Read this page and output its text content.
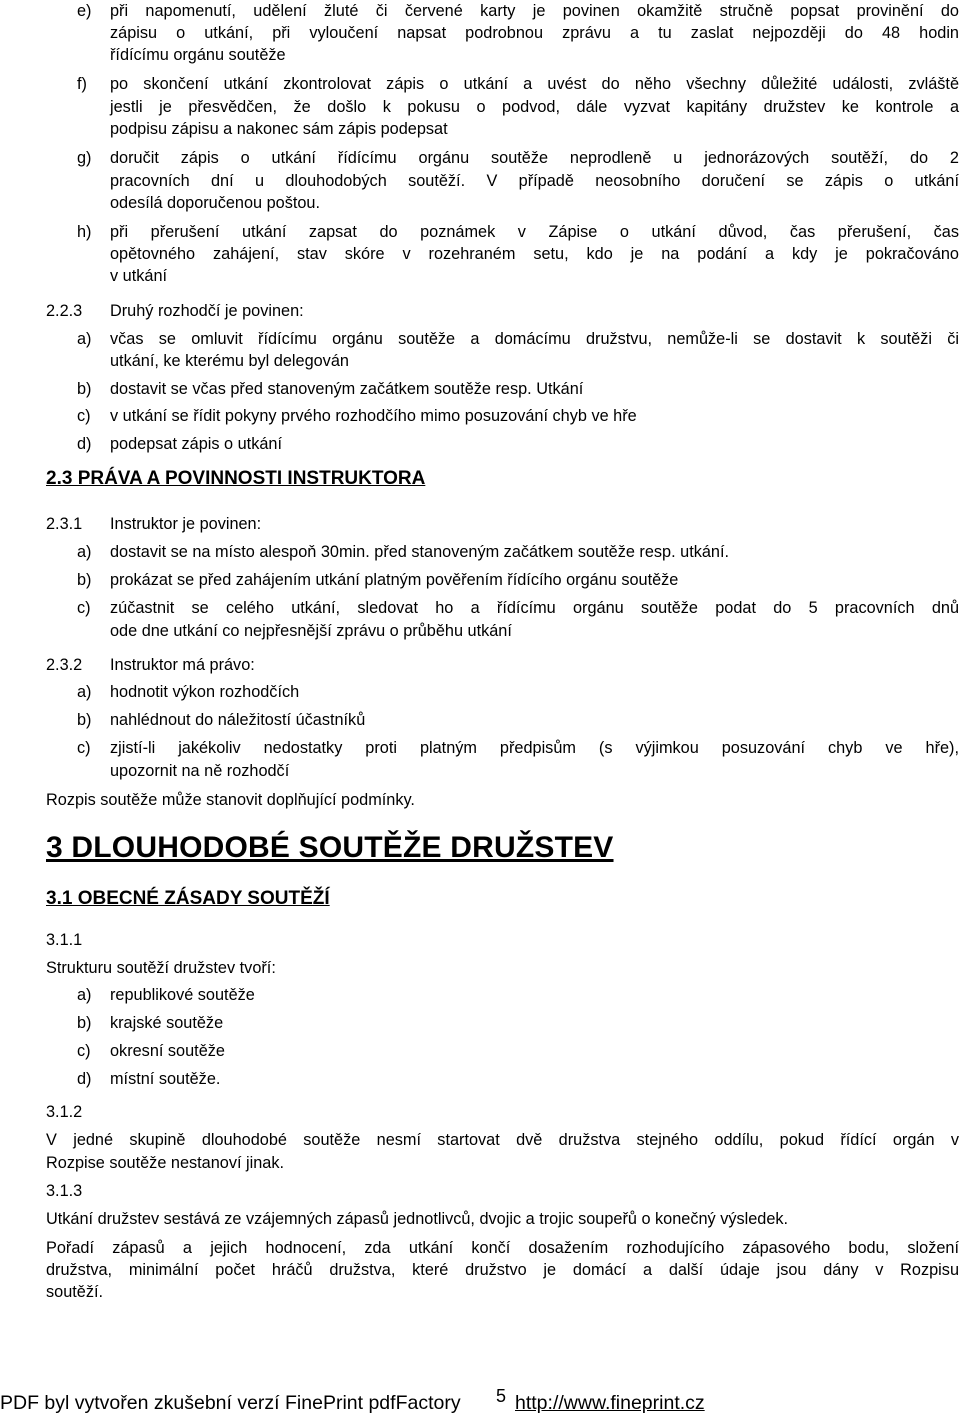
e) při napomenutí, udělení žluté či červené karty je povinen okamžitě stručně popsat provinění do
zápisu o utkání, při vyloučení napsat podrobnou zprávu a tu zaslat nejpozději do 48 hodin
řídícímu orgánu soutěže
f) po skončení utkání zkontrolovat zápis o utkání a uvést do něho všechny důležité události, zvláště
jestli je přesvědčen, že došlo k pokusu o podvod, dále vyzvat kapitány družstev ke kontrole a
podpisu zápisu a nakonec sám zápis podepsat
g) doručit zápis o utkání řídícímu orgánu soutěže neprodleně u jednorázových soutěží, do 2
pracovních dní u dlouhodobých soutěží. V případě neosobního doručení se zápis o utkání
odesílá doporučenou poštou.
h) při přerušení utkání zapsat do poznámek v Zápise o utkání důvod, čas přerušení, čas
opětovného zahájení, stav skóre v rozehraném setu, kdo je na podání a kdy je pokračováno
v utkání
2.2.3 Druhý rozhodčí je povinen:
a) včas se omluvit řídícímu orgánu soutěže a domácímu družstvu, nemůže-li se dostavit k soutěži či
utkání, ke kterému byl delegován
b) dostavit se včas před stanoveným začátkem soutěže resp. Utkání
c) v utkání se řídit pokyny prvého rozhodčího mimo posuzování chyb ve hře
d) podepsat zápis o utkání
2.3 PRÁVA A POVINNOSTI INSTRUKTORA
2.3.1 Instruktor je povinen:
a) dostavit se na místo alespoň 30min. před stanoveným začátkem soutěže resp. utkání.
b) prokázat se před zahájením utkání platným pověřením řídícího orgánu soutěže
c) zúčastnit se celého utkání, sledovat ho a řídícímu orgánu soutěže podat do 5 pracovních dnů
ode dne utkání co nejpřesnější zprávu o průběhu utkání
2.3.2 Instruktor má právo:
a) hodnotit výkon rozhodčích
b) nahlédnout do náležitostí účastníků
c) zjistí-li jakékoliv nedostatky proti platným předpisům (s výjimkou posuzování chyb ve hře),
upozornit na ně rozhodčí
Rozpis soutěže může stanovit doplňující podmínky.
3 DLOUHODOBÉ SOUTĚŽE DRUŽSTEV
3.1 OBECNÉ ZÁSADY SOUTĚŽÍ
3.1.1
Strukturu soutěží družstev tvoří:
a) republikové soutěže
b) krajské soutěže
c) okresní soutěže
d) místní soutěže.
3.1.2
V jedné skupině dlouhodobé soutěže nesmí startovat dvě družstva stejného oddílu, pokud řídící orgán v
Rozpise soutěže nestanoví jinak.
3.1.3
Utkání družstev sestává ze vzájemných zápasů jednotlivců, dvojic a trojic soupeřů o konečný výsledek.
Pořadí zápasů a jejich hodnocení, zda utkání končí dosažením rozhodujícího zápasového bodu, složení
družstva, minimální počet hráčů družstva, které družstvo je domácí a další údaje jsou dány v Rozpisu
soutěží.
5
PDF byl vytvořen zkušební verzí FinePrint pdfFactory	http://www.fineprint.cz
